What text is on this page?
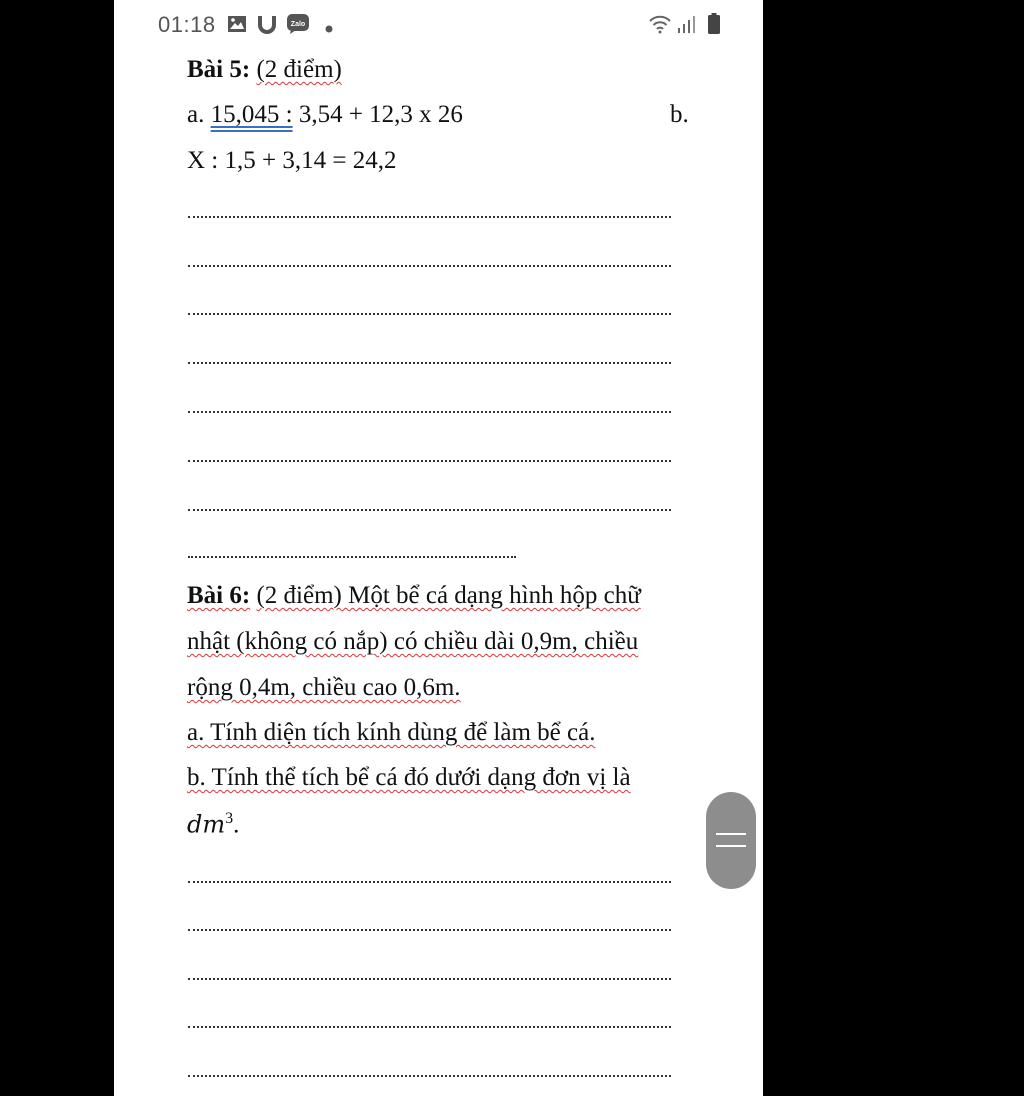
01:18	Zalo
Bài 5: (2 điểm)
a. 15,045 : 3,54 + 12,3 x 26	b.
X : 1,5 + 3,14 = 24,2
Bài 6: (2 điểm) Một bể cá dạng hình hộp chữ
nhật (không có nắp) có chiều dài 0,9m, chiều
rộng 0,4m, chiều cao 0,6m.
a. Tính diện tích kính dùng để làm bể cá.
b. Tính thể tích bể cá đó dưới dạng đơn vị là
$dm^3$.
